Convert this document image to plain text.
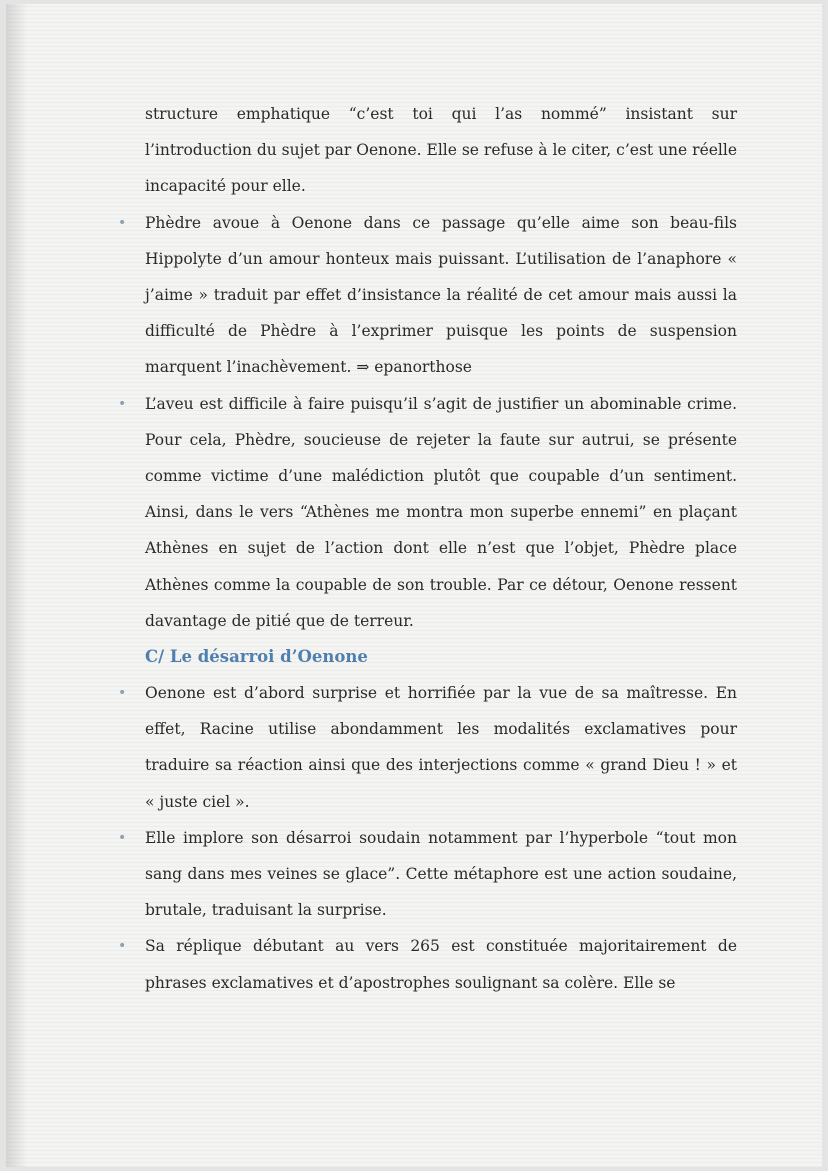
structure emphatique “c’est toi qui l’as nommé” insistant sur l’introduction du sujet par Oenone. Elle se refuse à le citer, c’est une réelle incapacité pour elle.

• Phèdre avoue à Oenone dans ce passage qu’elle aime son beau-fils Hippolyte d’un amour honteux mais puissant. L’utilisation de l’anaphore « j’aime » traduit par effet d’insistance la réalité de cet amour mais aussi la difficulté de Phèdre à l’exprimer puisque les points de suspension marquent l’inachèvement. ⇒ epanorthose

• L’aveu est difficile à faire puisqu’il s’agit de justifier un abominable crime. Pour cela, Phèdre, soucieuse de rejeter la faute sur autrui, se présente comme victime d’une malédiction plutôt que coupable d’un sentiment. Ainsi, dans le vers “Athènes me montra mon superbe ennemi” en plaçant Athènes en sujet de l’action dont elle n’est que l’objet, Phèdre place Athènes comme la coupable de son trouble. Par ce détour, Oenone ressent davantage de pitié que de terreur.

C/ Le désarroi d’Oenone

• Oenone est d’abord surprise et horrifiée par la vue de sa maîtresse. En effet, Racine utilise abondamment les modalités exclamatives pour traduire sa réaction ainsi que des interjections comme « grand Dieu ! » et « juste ciel ».

• Elle implore son désarroi soudain notamment par l’hyperbole “tout mon sang dans mes veines se glace”. Cette métaphore est une action soudaine, brutale, traduisant la surprise.

• Sa réplique débutant au vers 265 est constituée majoritairement de phrases exclamatives et d’apostrophes soulignant sa colère. Elle se
